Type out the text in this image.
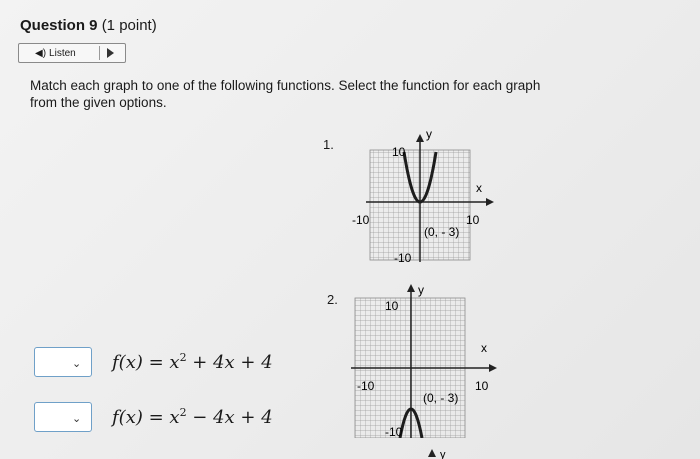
Question 9 (1 point)
◀) Listen
Match each graph to one of the following functions. Select the function for each graph from the given options.
1.
y
x
10
-10	10
-10
(0, - 3)
2.
y
x
10
-10	10
-10
(0, - 3)
y
⌄ $f(x) = x^2 + 4x + 4$
⌄ $f(x) = x^2 - 4x + 4$
